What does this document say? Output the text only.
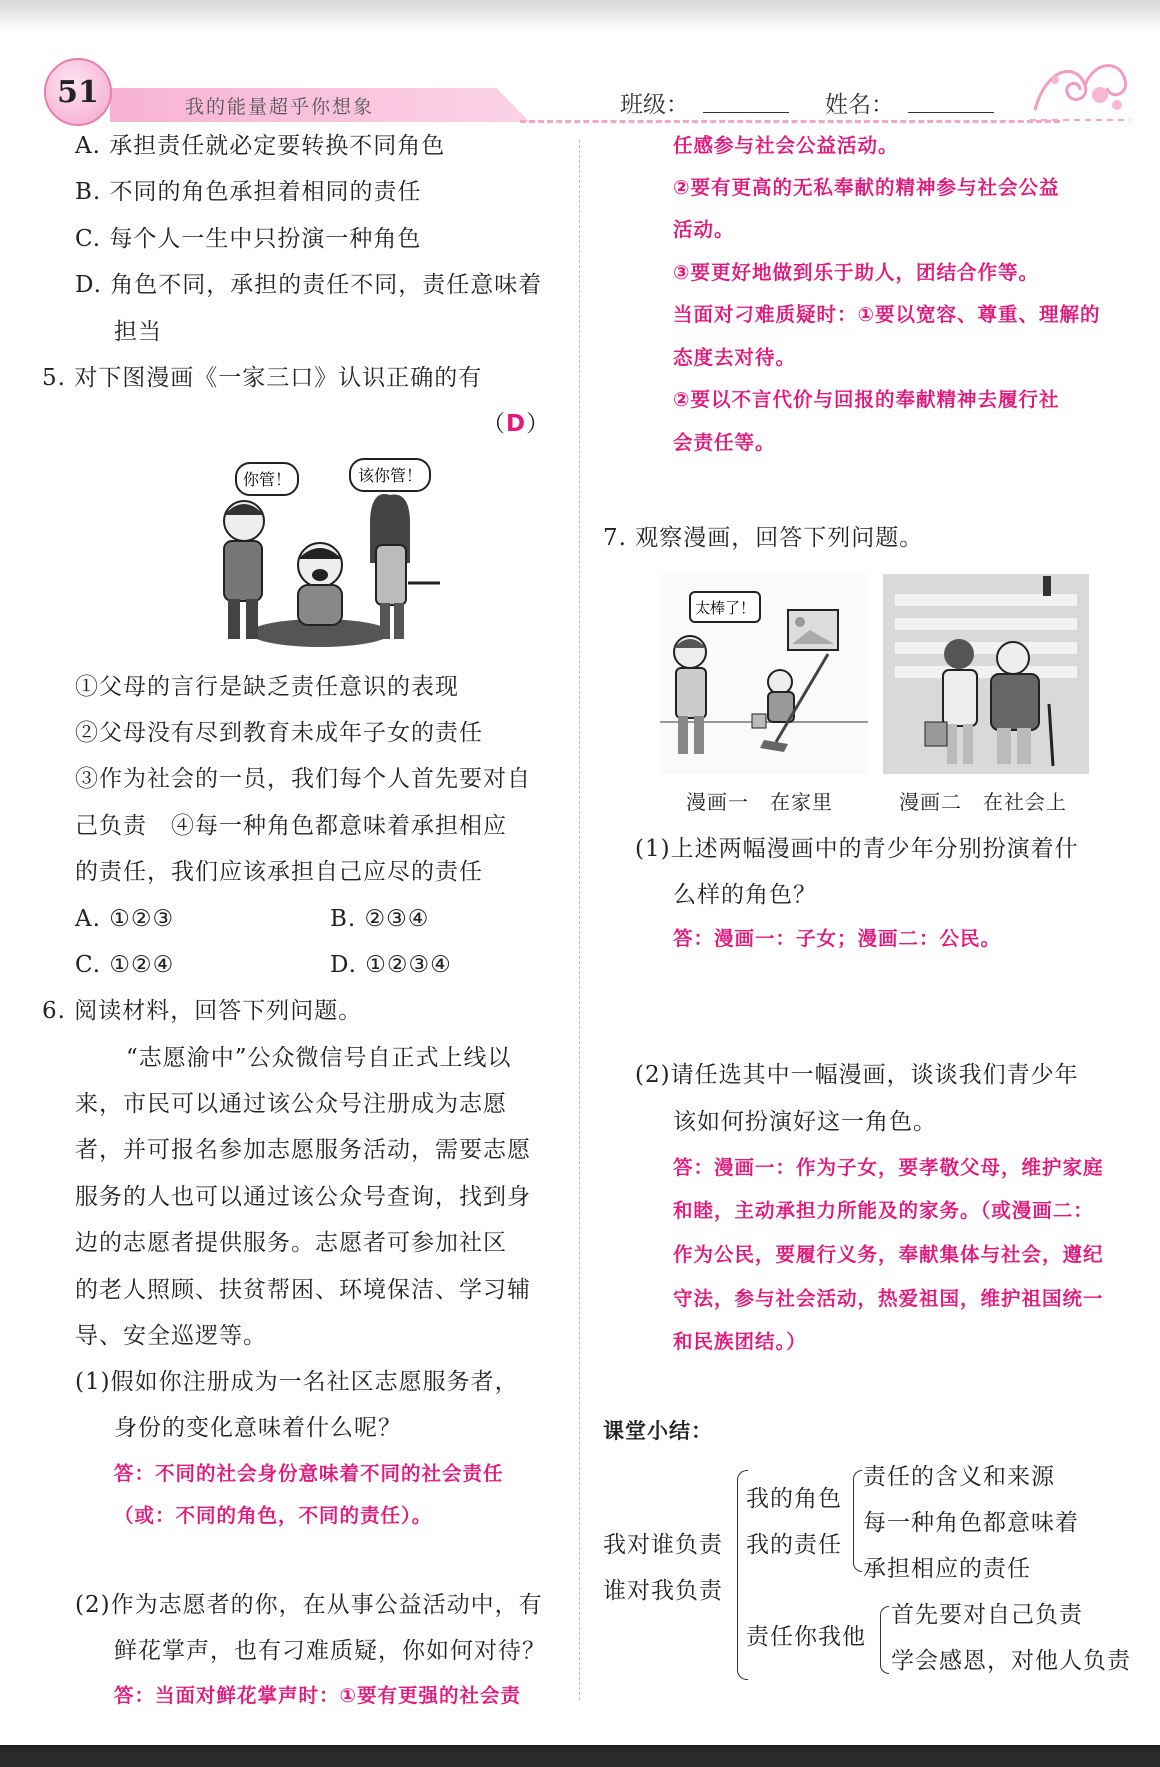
51	我的能量超乎你想象	班级：	姓名：
A. 承担责任就必定要转换不同角色
B. 不同的角色承担着相同的责任
C. 每个人一生中只扮演一种角色
D. 角色不同，承担的责任不同，责任意味着
担当
5. 对下图漫画《一家三口》认识正确的有
（D）
你管！	该你管！
①父母的言行是缺乏责任意识的表现
②父母没有尽到教育未成年子女的责任
③作为社会的一员，我们每个人首先要对自
己负责　④每一种角色都意味着承担相应
的责任，我们应该承担自己应尽的责任
A. ①②③	B. ②③④
C. ①②④	D. ①②③④
6. 阅读材料，回答下列问题。
“志愿渝中”公众微信号自正式上线以
来，市民可以通过该公众号注册成为志愿
者，并可报名参加志愿服务活动，需要志愿
服务的人也可以通过该公众号查询，找到身
边的志愿者提供服务。志愿者可参加社区
的老人照顾、扶贫帮困、环境保洁、学习辅
导、安全巡逻等。
(1)假如你注册成为一名社区志愿服务者，
身份的变化意味着什么呢？
答：不同的社会身份意味着不同的社会责任
（或：不同的角色，不同的责任）。
(2)作为志愿者的你，在从事公益活动中，有
鲜花掌声，也有刁难质疑，你如何对待？
答：当面对鲜花掌声时：①要有更强的社会责
任感参与社会公益活动。
②要有更高的无私奉献的精神参与社会公益
活动。
③要更好地做到乐于助人，团结合作等。
当面对刁难质疑时：①要以宽容、尊重、理解的
态度去对待。
②要以不言代价与回报的奉献精神去履行社
会责任等。
7. 观察漫画，回答下列问题。
太棒了！
漫画一　在家里	漫画二　在社会上
(1)上述两幅漫画中的青少年分别扮演着什
么样的角色？
答：漫画一：子女；漫画二：公民。
(2)请任选其中一幅漫画，谈谈我们青少年
该如何扮演好这一角色。
答：漫画一：作为子女，要孝敬父母，维护家庭
和睦，主动承担力所能及的家务。（或漫画二：
作为公民，要履行义务，奉献集体与社会，遵纪
守法，参与社会活动，热爱祖国，维护祖国统一
和民族团结。）
课堂小结：
我对谁负责
谁对我负责
我的角色
我的责任
责任的含义和来源
每一种角色都意味着
承担相应的责任
责任你我他
首先要对自己负责
学会感恩，对他人负责
